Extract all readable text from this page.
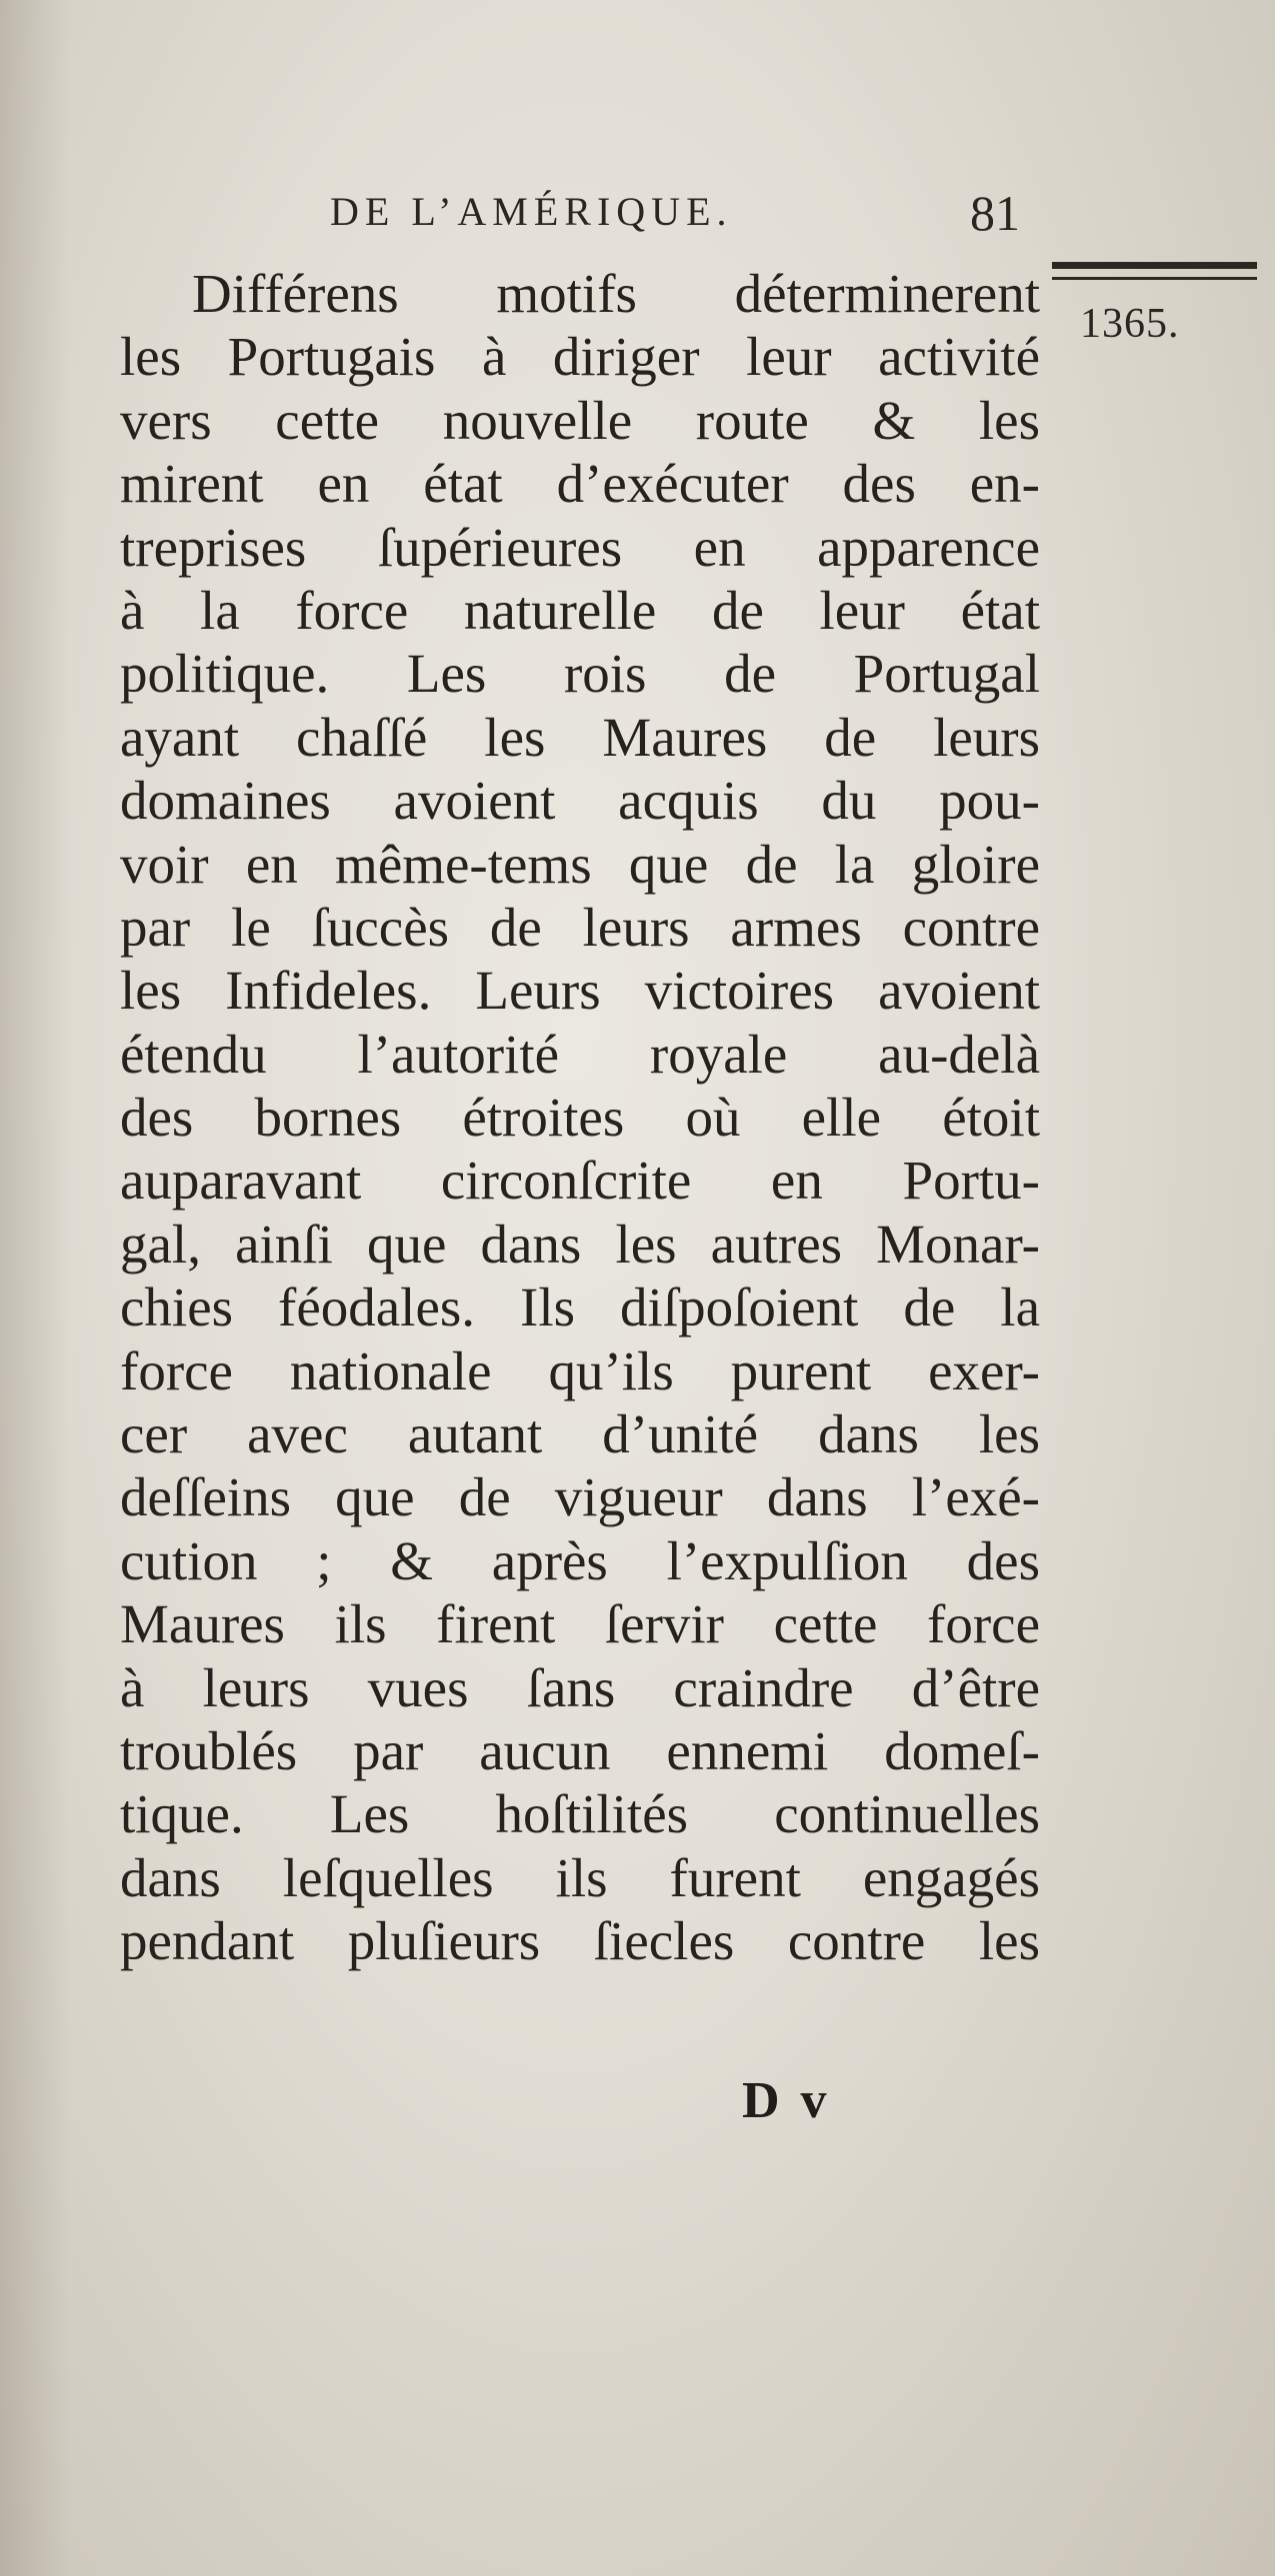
DE L’AMÉRIQUE.	81
1365.
Différens motifs déterminerent
les Portugais à diriger leur activité
vers cette nouvelle route & les
mirent en état d’exécuter des en-
treprises ſupérieures en apparence
à la force naturelle de leur état
politique. Les rois de Portugal
ayant chaſſé les Maures de leurs
domaines avoient acquis du pou-
voir en même-tems que de la gloire
par le ſuccès de leurs armes contre
les Infideles. Leurs victoires avoient
étendu l’autorité royale au-delà
des bornes étroites où elle étoit
auparavant circonſcrite en Portu-
gal, ainſi que dans les autres Monar-
chies féodales. Ils diſpoſoient de la
force nationale qu’ils purent exer-
cer avec autant d’unité dans les
deſſeins que de vigueur dans l’exé-
cution ; & après l’expulſion des
Maures ils firent ſervir cette force
à leurs vues ſans craindre d’être
troublés par aucun ennemi domeſ-
tique. Les hoſtilités continuelles
dans leſquelles ils furent engagés
pendant pluſieurs ſiecles contre les
D v
